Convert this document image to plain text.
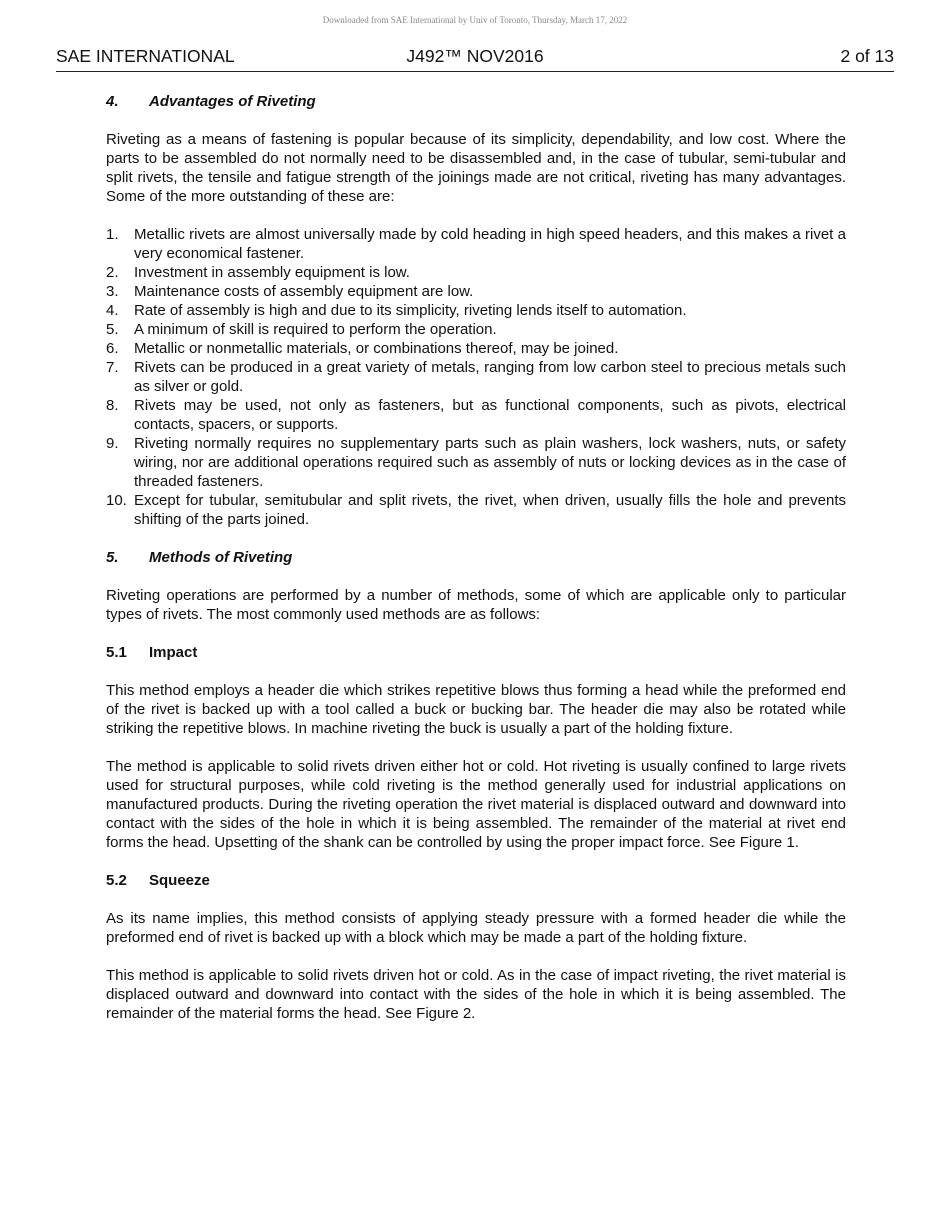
Downloaded from SAE International by Univ of Toronto, Thursday, March 17, 2022
SAE INTERNATIONAL	J492™ NOV2016	2 of 13
4. Advantages of Riveting

Riveting as a means of fastening is popular because of its simplicity, dependability, and low cost. Where the parts to be assembled do not normally need to be disassembled and, in the case of tubular, semi-tubular and split rivets, the tensile and fatigue strength of the joinings made are not critical, riveting has many advantages. Some of the more outstanding of these are:

1.	Metallic rivets are almost universally made by cold heading in high speed headers, and this makes a rivet a very economical fastener.
2.	Investment in assembly equipment is low.
3.	Maintenance costs of assembly equipment are low.
4.	Rate of assembly is high and due to its simplicity, riveting lends itself to automation.
5.	A minimum of skill is required to perform the operation.
6.	Metallic or nonmetallic materials, or combinations thereof, may be joined.
7.	Rivets can be produced in a great variety of metals, ranging from low carbon steel to precious metals such as silver or gold.
8.	Rivets may be used, not only as fasteners, but as functional components, such as pivots, electrical contacts, spacers, or supports.
9.	Riveting normally requires no supplementary parts such as plain washers, lock washers, nuts, or safety wiring, nor are additional operations required such as assembly of nuts or locking devices as in the case of threaded fasteners.
10. Except for tubular, semitubular and split rivets, the rivet, when driven, usually fills the hole and prevents shifting of the parts joined.
5. Methods of Riveting

Riveting operations are performed by a number of methods, some of which are applicable only to particular types of rivets. The most commonly used methods are as follows:

5.1 Impact

This method employs a header die which strikes repetitive blows thus forming a head while the preformed end of the rivet is backed up with a tool called a buck or bucking bar. The header die may also be rotated while striking the repetitive blows. In machine riveting the buck is usually a part of the holding fixture.

The method is applicable to solid rivets driven either hot or cold. Hot riveting is usually confined to large rivets used for structural purposes, while cold riveting is the method generally used for industrial applications on manufactured products. During the riveting operation the rivet material is displaced outward and downward into contact with the sides of the hole in which it is being assembled. The remainder of the material at rivet end forms the head. Upsetting of the shank can be controlled by using the proper impact force. See Figure 1.

5.2 Squeeze

As its name implies, this method consists of applying steady pressure with a formed header die while the preformed end of rivet is backed up with a block which may be made a part of the holding fixture.

This method is applicable to solid rivets driven hot or cold. As in the case of impact riveting, the rivet material is displaced outward and downward into contact with the sides of the hole in which it is being assembled. The remainder of the material forms the head. See Figure 2.
